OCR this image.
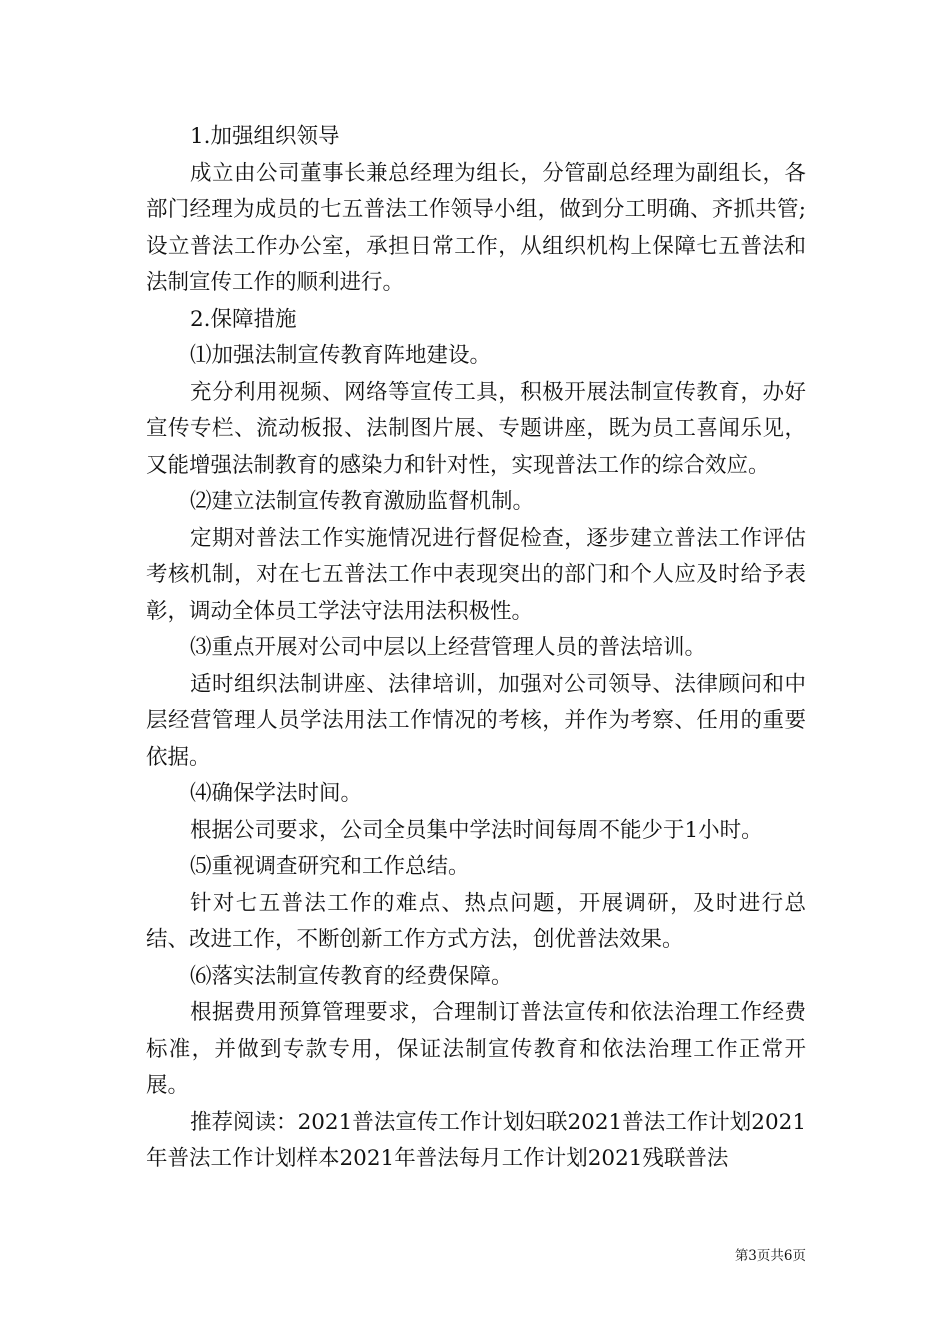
1.加强组织领导

成立由公司董事长兼总经理为组长，分管副总经理为副组长，各部门经理为成员的七五普法工作领导小组，做到分工明确、齐抓共管;设立普法工作办公室，承担日常工作，从组织机构上保障七五普法和法制宣传工作的顺利进行。

2.保障措施

⑴加强法制宣传教育阵地建设。

充分利用视频、网络等宣传工具，积极开展法制宣传教育，办好宣传专栏、流动板报、法制图片展、专题讲座，既为员工喜闻乐见，又能增强法制教育的感染力和针对性，实现普法工作的综合效应。

⑵建立法制宣传教育激励监督机制。

定期对普法工作实施情况进行督促检查，逐步建立普法工作评估考核机制，对在七五普法工作中表现突出的部门和个人应及时给予表彰，调动全体员工学法守法用法积极性。

⑶重点开展对公司中层以上经营管理人员的普法培训。

适时组织法制讲座、法律培训，加强对公司领导、法律顾问和中层经营管理人员学法用法工作情况的考核，并作为考察、任用的重要依据。

⑷确保学法时间。

根据公司要求，公司全员集中学法时间每周不能少于1小时。

⑸重视调查研究和工作总结。

针对七五普法工作的难点、热点问题，开展调研，及时进行总结、改进工作，不断创新工作方式方法，创优普法效果。

⑹落实法制宣传教育的经费保障。

根据费用预算管理要求，合理制订普法宣传和依法治理工作经费标准，并做到专款专用，保证法制宣传教育和依法治理工作正常开展。

推荐阅读：2021普法宣传工作计划妇联2021普法工作计划2021年普法工作计划样本2021年普法每月工作计划2021残联普法

第3页共6页
